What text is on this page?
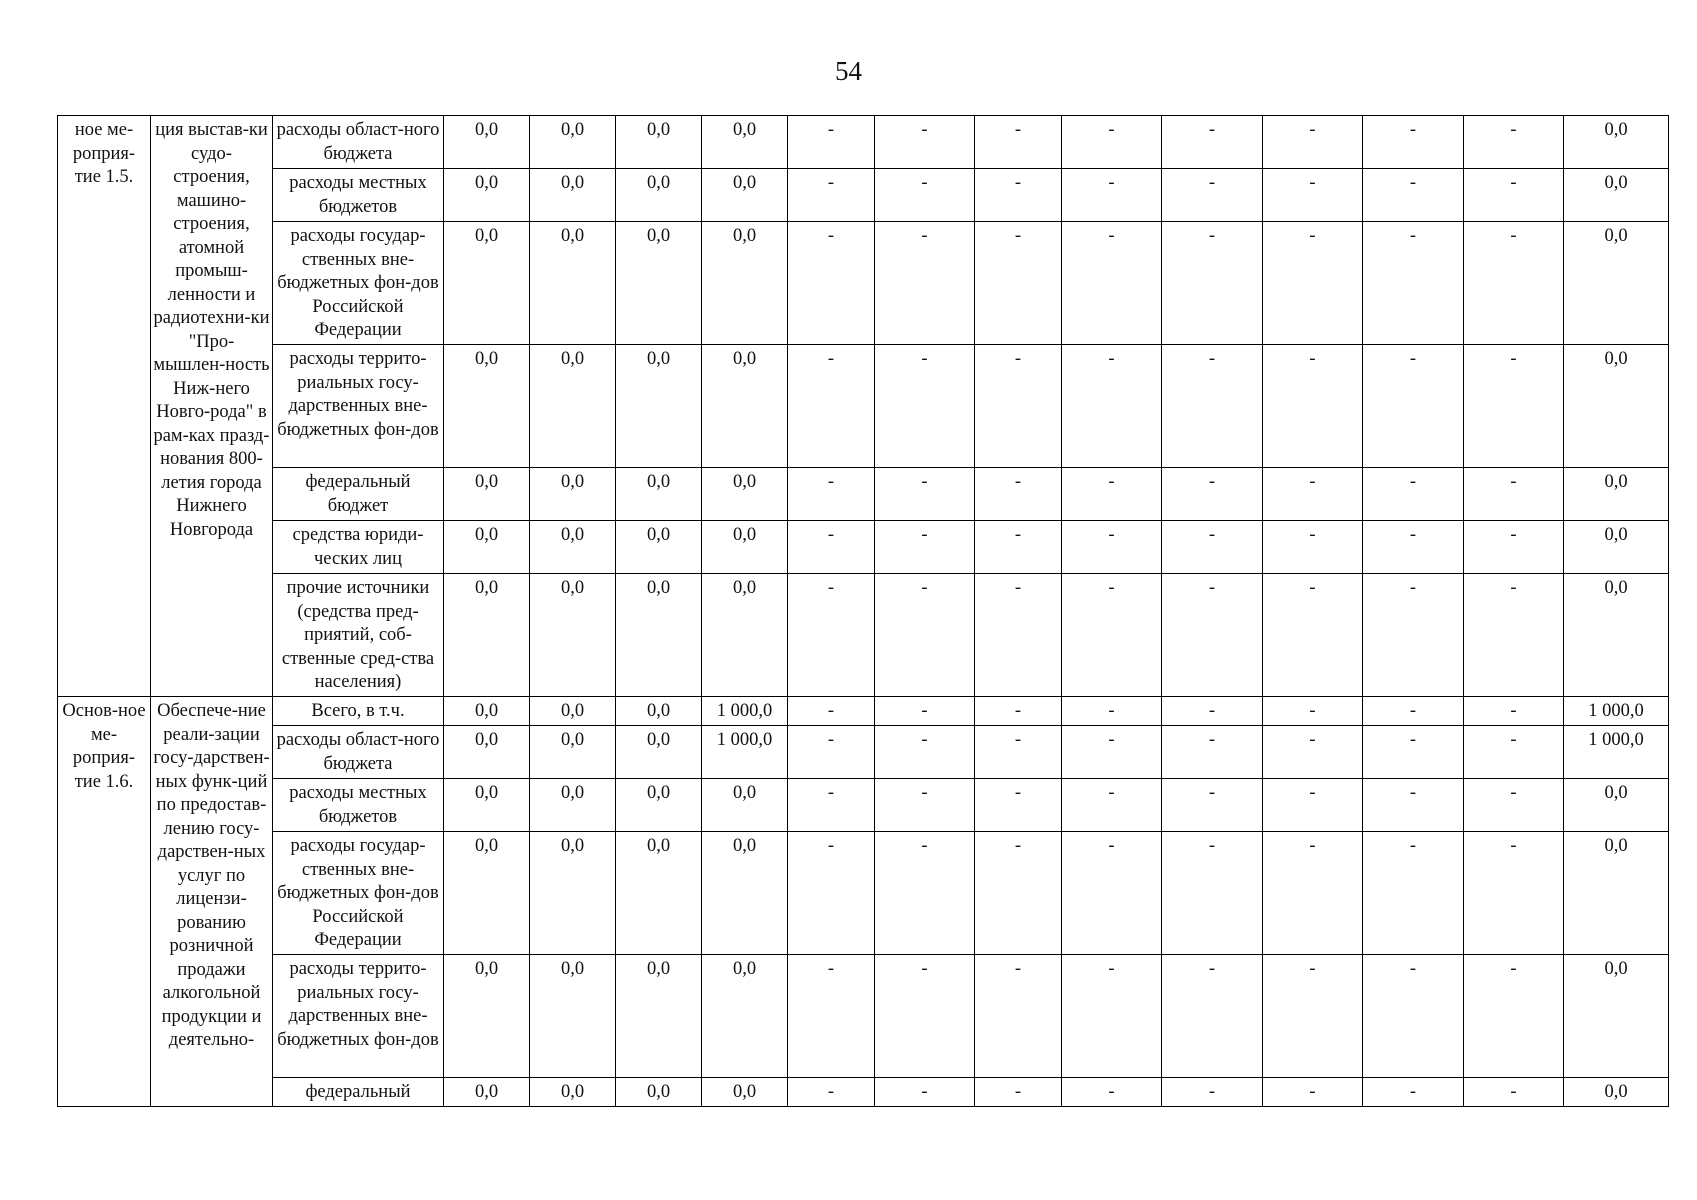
54
ное ме-роприя-тие 1.5.	ция выстав-ки судо-строения, машино-строения, атомной промыш-ленности и радиотехни-ки "Про-мышлен-ность Ниж-него Новго-рода" в рам-ках празд-нования 800-летия города Нижнего Новгорода	расходы област-ного бюджета	0,0	0,0	0,0	0,0	-	-	-	-	-	-	-	-	0,0
		расходы местных бюджетов	0,0	0,0	0,0	0,0	-	-	-	-	-	-	-	-	0,0
		расходы государ-ственных вне-бюджетных фон-дов Российской Федерации	0,0	0,0	0,0	0,0	-	-	-	-	-	-	-	-	0,0
		расходы террито-риальных госу-дарственных вне-бюджетных фон-дов	0,0	0,0	0,0	0,0	-	-	-	-	-	-	-	-	0,0
		федеральный бюджет	0,0	0,0	0,0	0,0	-	-	-	-	-	-	-	-	0,0
		средства юриди-ческих лиц	0,0	0,0	0,0	0,0	-	-	-	-	-	-	-	-	0,0
		прочие источники (средства пред-приятий, соб-ственные сред-ства населения)	0,0	0,0	0,0	0,0	-	-	-	-	-	-	-	-	0,0
Основ-ное ме-роприя-тие 1.6.	Обеспече-ние реали-зации госу-дарствен-ных функ-ций по предостав-лению госу-дарствен-ных услуг по лицензи-рованию розничной продажи алкогольной продукции и деятельно-	Всего, в т.ч.	0,0	0,0	0,0	1 000,0	-	-	-	-	-	-	-	-	1 000,0
		расходы област-ного бюджета	0,0	0,0	0,0	1 000,0	-	-	-	-	-	-	-	-	1 000,0
		расходы местных бюджетов	0,0	0,0	0,0	0,0	-	-	-	-	-	-	-	-	0,0
		расходы государ-ственных вне-бюджетных фон-дов Российской Федерации	0,0	0,0	0,0	0,0	-	-	-	-	-	-	-	-	0,0
		расходы террито-риальных госу-дарственных вне-бюджетных фон-дов	0,0	0,0	0,0	0,0	-	-	-	-	-	-	-	-	0,0
		федеральный	0,0	0,0	0,0	0,0	-	-	-	-	-	-	-	-	0,0
